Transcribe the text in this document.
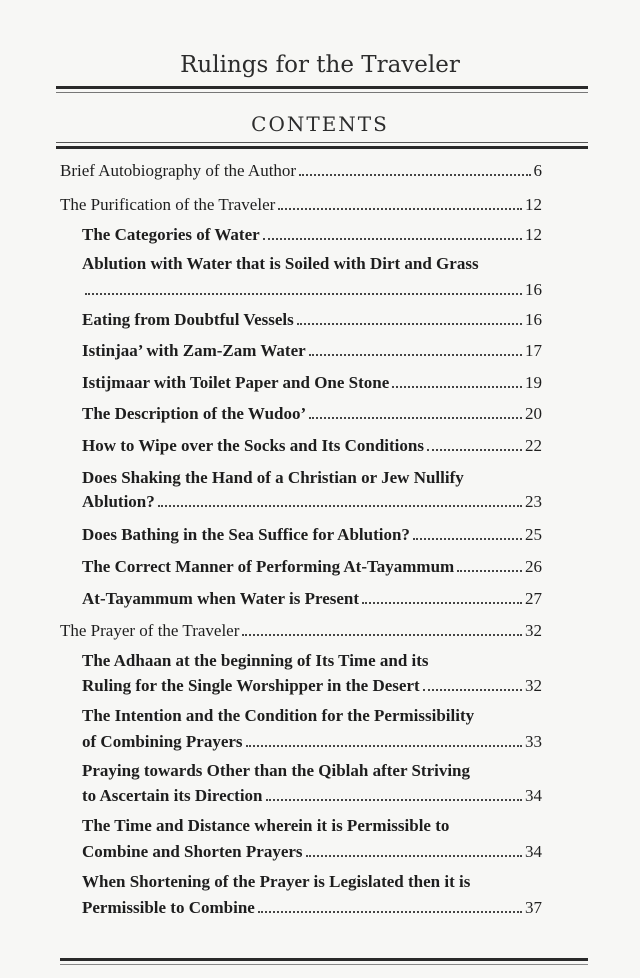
Rulings for the Traveler
CONTENTS
Brief Autobiography of the Author	6
The Purification of the Traveler	12
The Categories of Water	12
Ablution with Water that is Soiled with Dirt and Grass
16
Eating from Doubtful Vessels	16
Istinjaa’ with Zam-Zam Water	17
Istijmaar with Toilet Paper and One Stone	19
The Description of the Wudoo’	20
How to Wipe over the Socks and Its Conditions	22
Does Shaking the Hand of a Christian or Jew Nullify
Ablution?	23
Does Bathing in the Sea Suffice for Ablution?	25
The Correct Manner of Performing At-Tayammum	26
At-Tayammum when Water is Present	27
The Prayer of the Traveler	32
The Adhaan at the beginning of Its Time and its
Ruling for the Single Worshipper in the Desert	32
The Intention and the Condition for the Permissibility
of Combining Prayers	33
Praying towards Other than the Qiblah after Striving
to Ascertain its Direction	34
The Time and Distance wherein it is Permissible to
Combine and Shorten Prayers	34
When Shortening of the Prayer is Legislated then it is
Permissible to Combine	37
